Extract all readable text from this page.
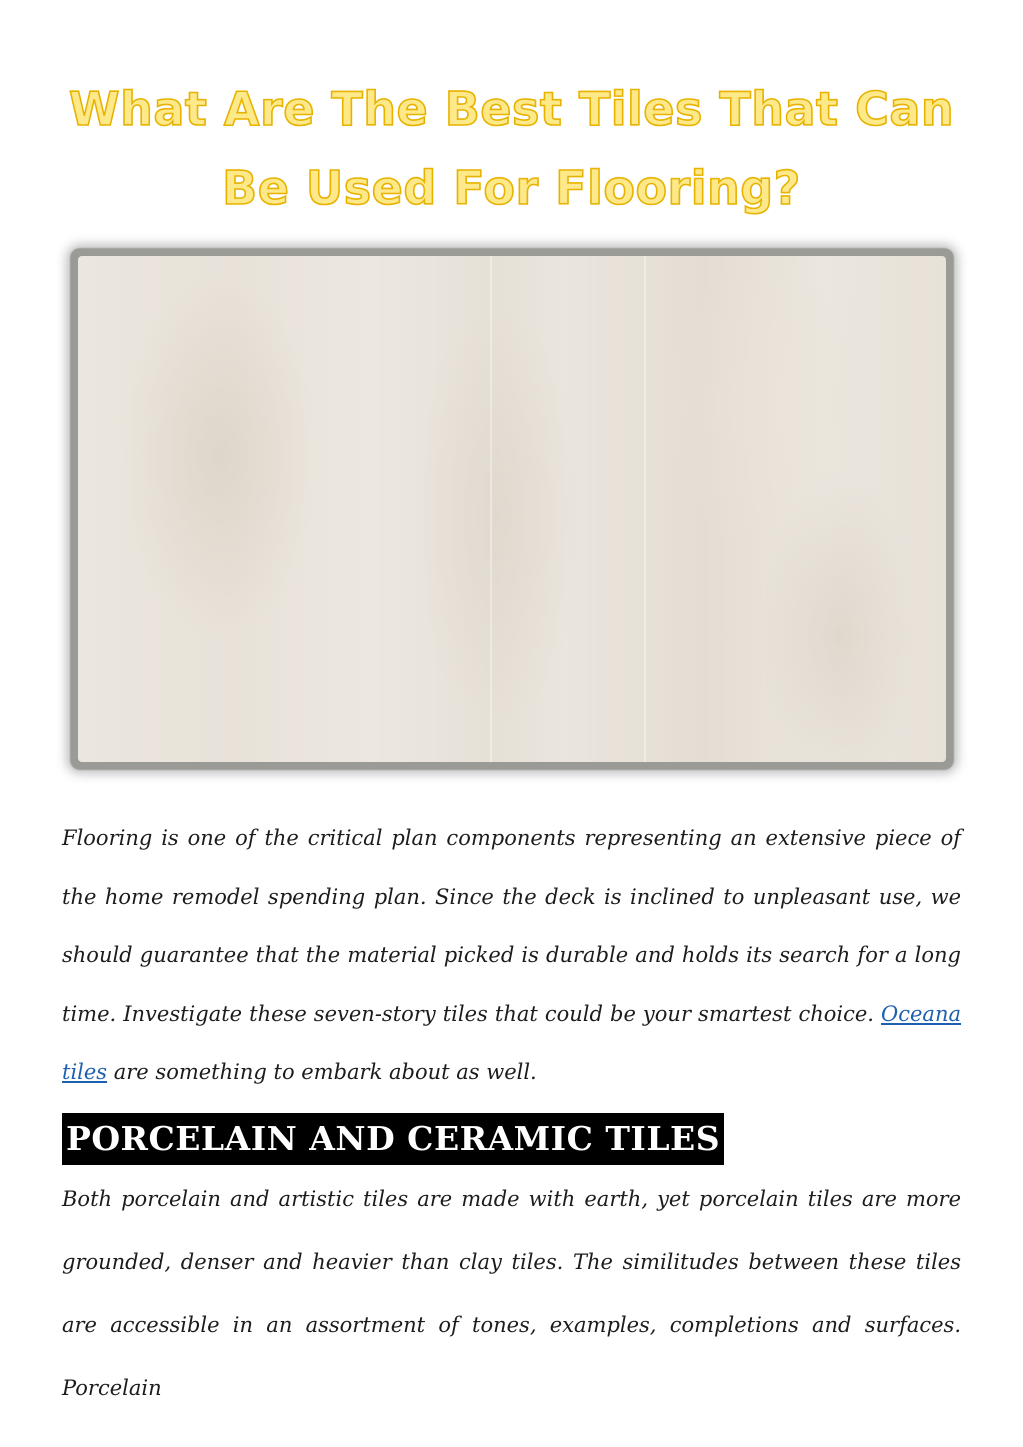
What Are The Best Tiles That Can Be Used For Flooring?

Flooring is one of the critical plan components representing an extensive piece of the home remodel spending plan. Since the deck is inclined to unpleasant use, we should guarantee that the material picked is durable and holds its search for a long time. Investigate these seven-story tiles that could be your smartest choice. Oceana tiles are something to embark about as well.

PORCELAIN AND CERAMIC TILES

Both porcelain and artistic tiles are made with earth, yet porcelain tiles are more grounded, denser and heavier than clay tiles. The similitudes between these tiles are accessible in an assortment of tones, examples, completions and surfaces. Porcelain
